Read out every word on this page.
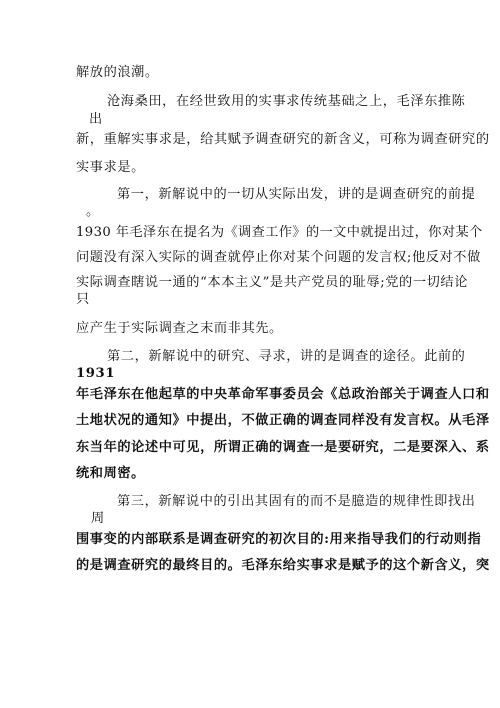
解放的浪潮。
沧海桑田，在经世致用的实事求传统基础之上，毛泽东推陈
出
新，重解实事求是，给其赋予调查研究的新含义，可称为调查研究的
实事求是。
第一，新解说中的一切从实际出发，讲的是调查研究的前提
。
1930 年毛泽东在提名为《调查工作》的一文中就提出过，你对某个
问题没有深入实际的调查就停止你对某个问题的发言权;他反对不做
实际调查瞎说一通的“本本主义”是共产党员的耻辱;党的一切结论
只
应产生于实际调查之末而非其先。
第二，新解说中的研究、寻求，讲的是调查的途径。此前的
1931
年毛泽东在他起草的中央革命军事委员会《总政治部关于调查人口和
土地状况的通知》中提出，不做正确的调查同样没有发言权。从毛泽
东当年的论述中可见，所谓正确的调查一是要研究，二是要深入、系
统和周密。
第三，新解说中的引出其固有的而不是臆造的规律性即找出
周
围事变的内部联系是调查研究的初次目的:用来指导我们的行动则指
的是调查研究的最终目的。毛泽东给实事求是赋予的这个新含义，突
